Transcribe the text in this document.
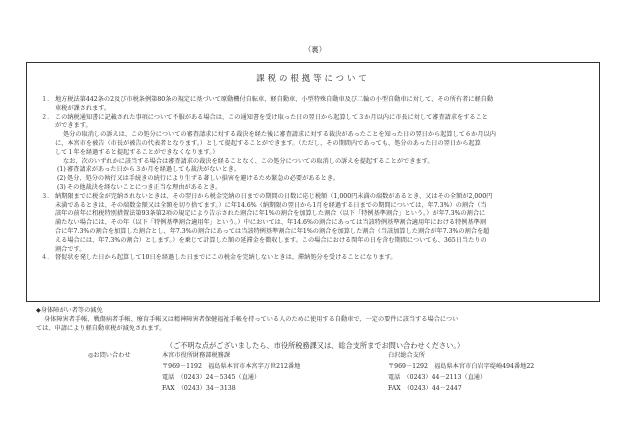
（裏）
課税の根拠等について
１． 地方税法第442条の2及び市税条例第80条の規定に基づいて原動機付自転車、軽自動車、小型特殊自動車及び二輪の小型自動車に対して、その所有者に軽自動
車税が課されます。
２． この納税通知書に記載された事項について不服がある場合は、この通知書を受け取った日の翌日から起算して３か月以内に市長に対して審査請求をすること
ができます。

処分の取消しの訴えは、この処分についての審査請求に対する裁決を経た後に審査請求に対する裁決があったことを知った日の翌日から起算して６か月以内

に、本宮市を被告（市長が被告の代表者となります。）として提起することができます。（ただし、その期間内であっても、処分のあった日の翌日から起算

して１年を経過すると提起することができなくなります。）

なお、次のいずれかに該当する場合は審査請求の裁決を経ることなく、この処分についての取消しの訴えを提起することができます。

(1) 審査請求があった日から３か月を経過しても裁決がないとき。

(2) 処分、処分の執行又は手続きの続行により生ずる著しい損害を避けるため緊急の必要があるとき。

(3) その他裁決を経ないことにつき正当な理由があるとき。

３． 納期限までに税金が完納されないときは、その翌日から税金完納の日までの期間の日数に応じ税額（1,000円未満の端数があるとき、又はその全額が2,000円
未満であるときは、その端数金額又は全額を切り捨てます。）に年14.6%（納期限の翌日から1月を経過する日までの期間については、年7.3%）の割合（当
該年の前年に租税特別措置法第93条第2項の規定により告示された割合に年1%の割合を加算した割合（以下「特例基準割合」という。）が年7.3%の割合に
満たない場合には、その年（以下「特例基準割合適用年」という。）中においては、年14.6%の割合にあっては当該特例基準割合適用年における特例基準割
合に年7.3%の割合を加算した割合とし、年7.3%の割合にあっては当該特例基準割合に年1%の割合を加算した割合（当該加算した割合が年7.3%の割合を超
える場合には、年7.3%の割合）とします。）を乗じて計算した額の延滞金を徴収します。この場合における閏年の日を含む期間についても、365日当たりの
割合です。
４． 督促状を発した日から起算して10日を経過した日までにこの税金を完納しないときは、滞納処分を受けることになります。

◆身体障がい者等の減免

身体障害者手帳、戦傷病者手帳、療育手帳又は精神障害者保健福祉手帳を持っている人のために使用する自動車で、一定の要件に該当する場合につい

ては、申請により軽自動車税が減免されます。

（ご不明な点がございましたら、市役所税務課又は、総合支所までお問い合わせください。）
◎お問い合わせ	本宮市役所財務部税務課	白沢総合支所
〒969－1192　福島県本宮市本宮字万世212番地	〒969－1292　福島県本宮市白岩字堤崎494番地22
電話　（0243）24－5345（直通）	電話　（0243）44－2113（直通）
FAX　（0243）34－3138	FAX　（0243）44－2447
